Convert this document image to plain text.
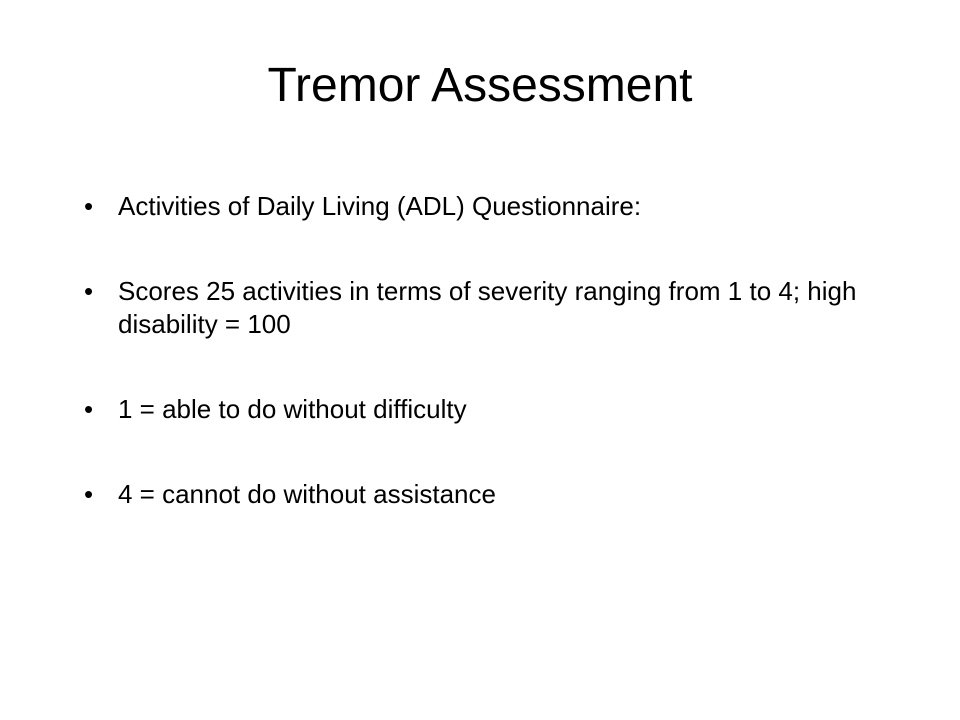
Tremor Assessment
• Activities of Daily Living (ADL) Questionnaire:
• Scores 25 activities in terms of severity ranging from 1 to 4; high disability = 100
• 1 = able to do without difficulty
• 4 = cannot do without assistance
